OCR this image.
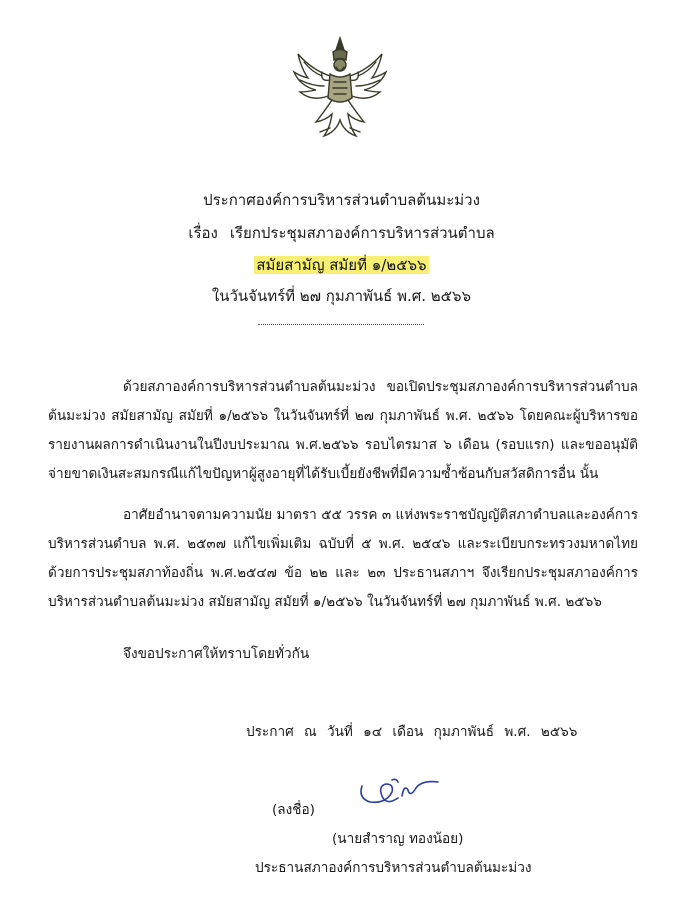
ประกาศองค์การบริหารส่วนตำบลต้นมะม่วง
เรื่อง เรียกประชุมสภาองค์การบริหารส่วนตำบล
สมัยสามัญ สมัยที่ ๑/๒๕๖๖
ในวันจันทร์ที่ ๒๗ กุมภาพันธ์ พ.ศ. ๒๕๖๖
ด้วยสภาองค์การบริหารส่วนตำบลต้นมะม่วง ขอเปิดประชุมสภาองค์การบริหารส่วนตำบลต้นมะม่วง สมัยสามัญ สมัยที่ ๑/๒๕๖๖ ในวันจันทร์ที่ ๒๗ กุมภาพันธ์ พ.ศ. ๒๕๖๖ โดยคณะผู้บริหารขอรายงานผลการดำเนินงานในปีงบประมาณ พ.ศ.๒๕๖๖ รอบไตรมาส ๖ เดือน (รอบแรก) และขออนุมัติจ่ายขาดเงินสะสมกรณีแก้ไขปัญหาผู้สูงอายุที่ได้รับเบี้ยยังชีพที่มีความซ้ำซ้อนกับสวัสดิการอื่น นั้น
อาศัยอำนาจตามความนัย มาตรา ๕๕ วรรค ๓ แห่งพระราชบัญญัติสภาตำบลและองค์การบริหารส่วนตำบล พ.ศ. ๒๕๓๗ แก้ไขเพิ่มเติม ฉบับที่ ๕ พ.ศ. ๒๕๔๖ และระเบียบกระทรวงมหาดไทยด้วยการประชุมสภาท้องถิ่น พ.ศ.๒๕๔๗ ข้อ ๒๒ และ ๒๓ ประธานสภาฯ จึงเรียกประชุมสภาองค์การบริหารส่วนตำบลต้นมะม่วง สมัยสามัญ สมัยที่ ๑/๒๕๖๖ ในวันจันทร์ที่ ๒๗ กุมภาพันธ์ พ.ศ. ๒๕๖๖
จึงขอประกาศให้ทราบโดยทั่วกัน
ประกาศ ณ วันที่ ๑๔ เดือน กุมภาพันธ์ พ.ศ. ๒๕๖๖
(ลงชื่อ)
(นายสำราญ ทองน้อย)
ประธานสภาองค์การบริหารส่วนตำบลต้นมะม่วง
